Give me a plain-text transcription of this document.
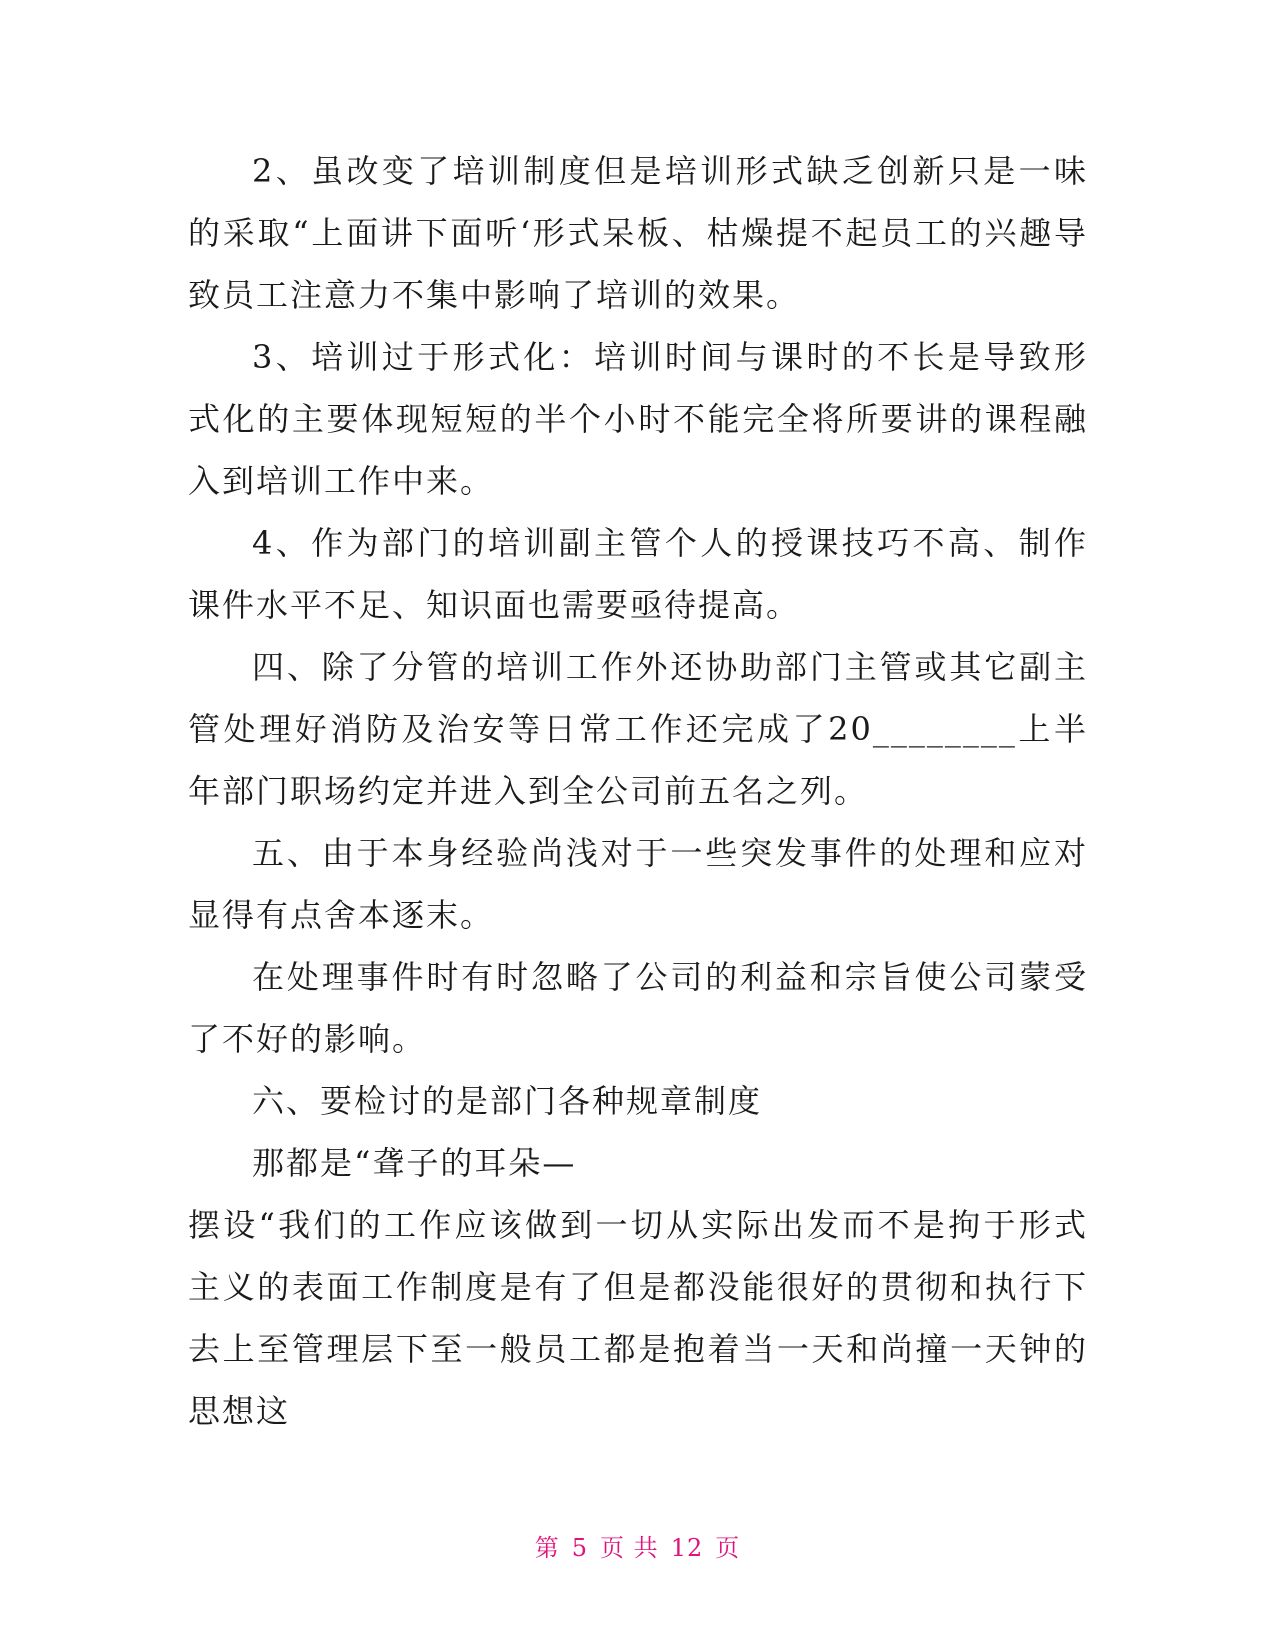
2、虽改变了培训制度但是培训形式缺乏创新只是一味的采取“上面讲下面听‘形式呆板、枯燥提不起员工的兴趣导致员工注意力不集中影响了培训的效果。

3、培训过于形式化：培训时间与课时的不长是导致形式化的主要体现短短的半个小时不能完全将所要讲的课程融入到培训工作中来。

4、作为部门的培训副主管个人的授课技巧不高、制作课件水平不足、知识面也需要亟待提高。

四、除了分管的培训工作外还协助部门主管或其它副主管处理好消防及治安等日常工作还完成了20________上半年部门职场约定并进入到全公司前五名之列。

五、由于本身经验尚浅对于一些突发事件的处理和应对显得有点舍本逐末。

在处理事件时有时忽略了公司的利益和宗旨使公司蒙受了不好的影响。

六、要检讨的是部门各种规章制度

那都是“聋子的耳朵—

摆设“我们的工作应该做到一切从实际出发而不是拘于形式主义的表面工作制度是有了但是都没能很好的贯彻和执行下去上至管理层下至一般员工都是抱着当一天和尚撞一天钟的思想这

第 5 页 共 12 页
